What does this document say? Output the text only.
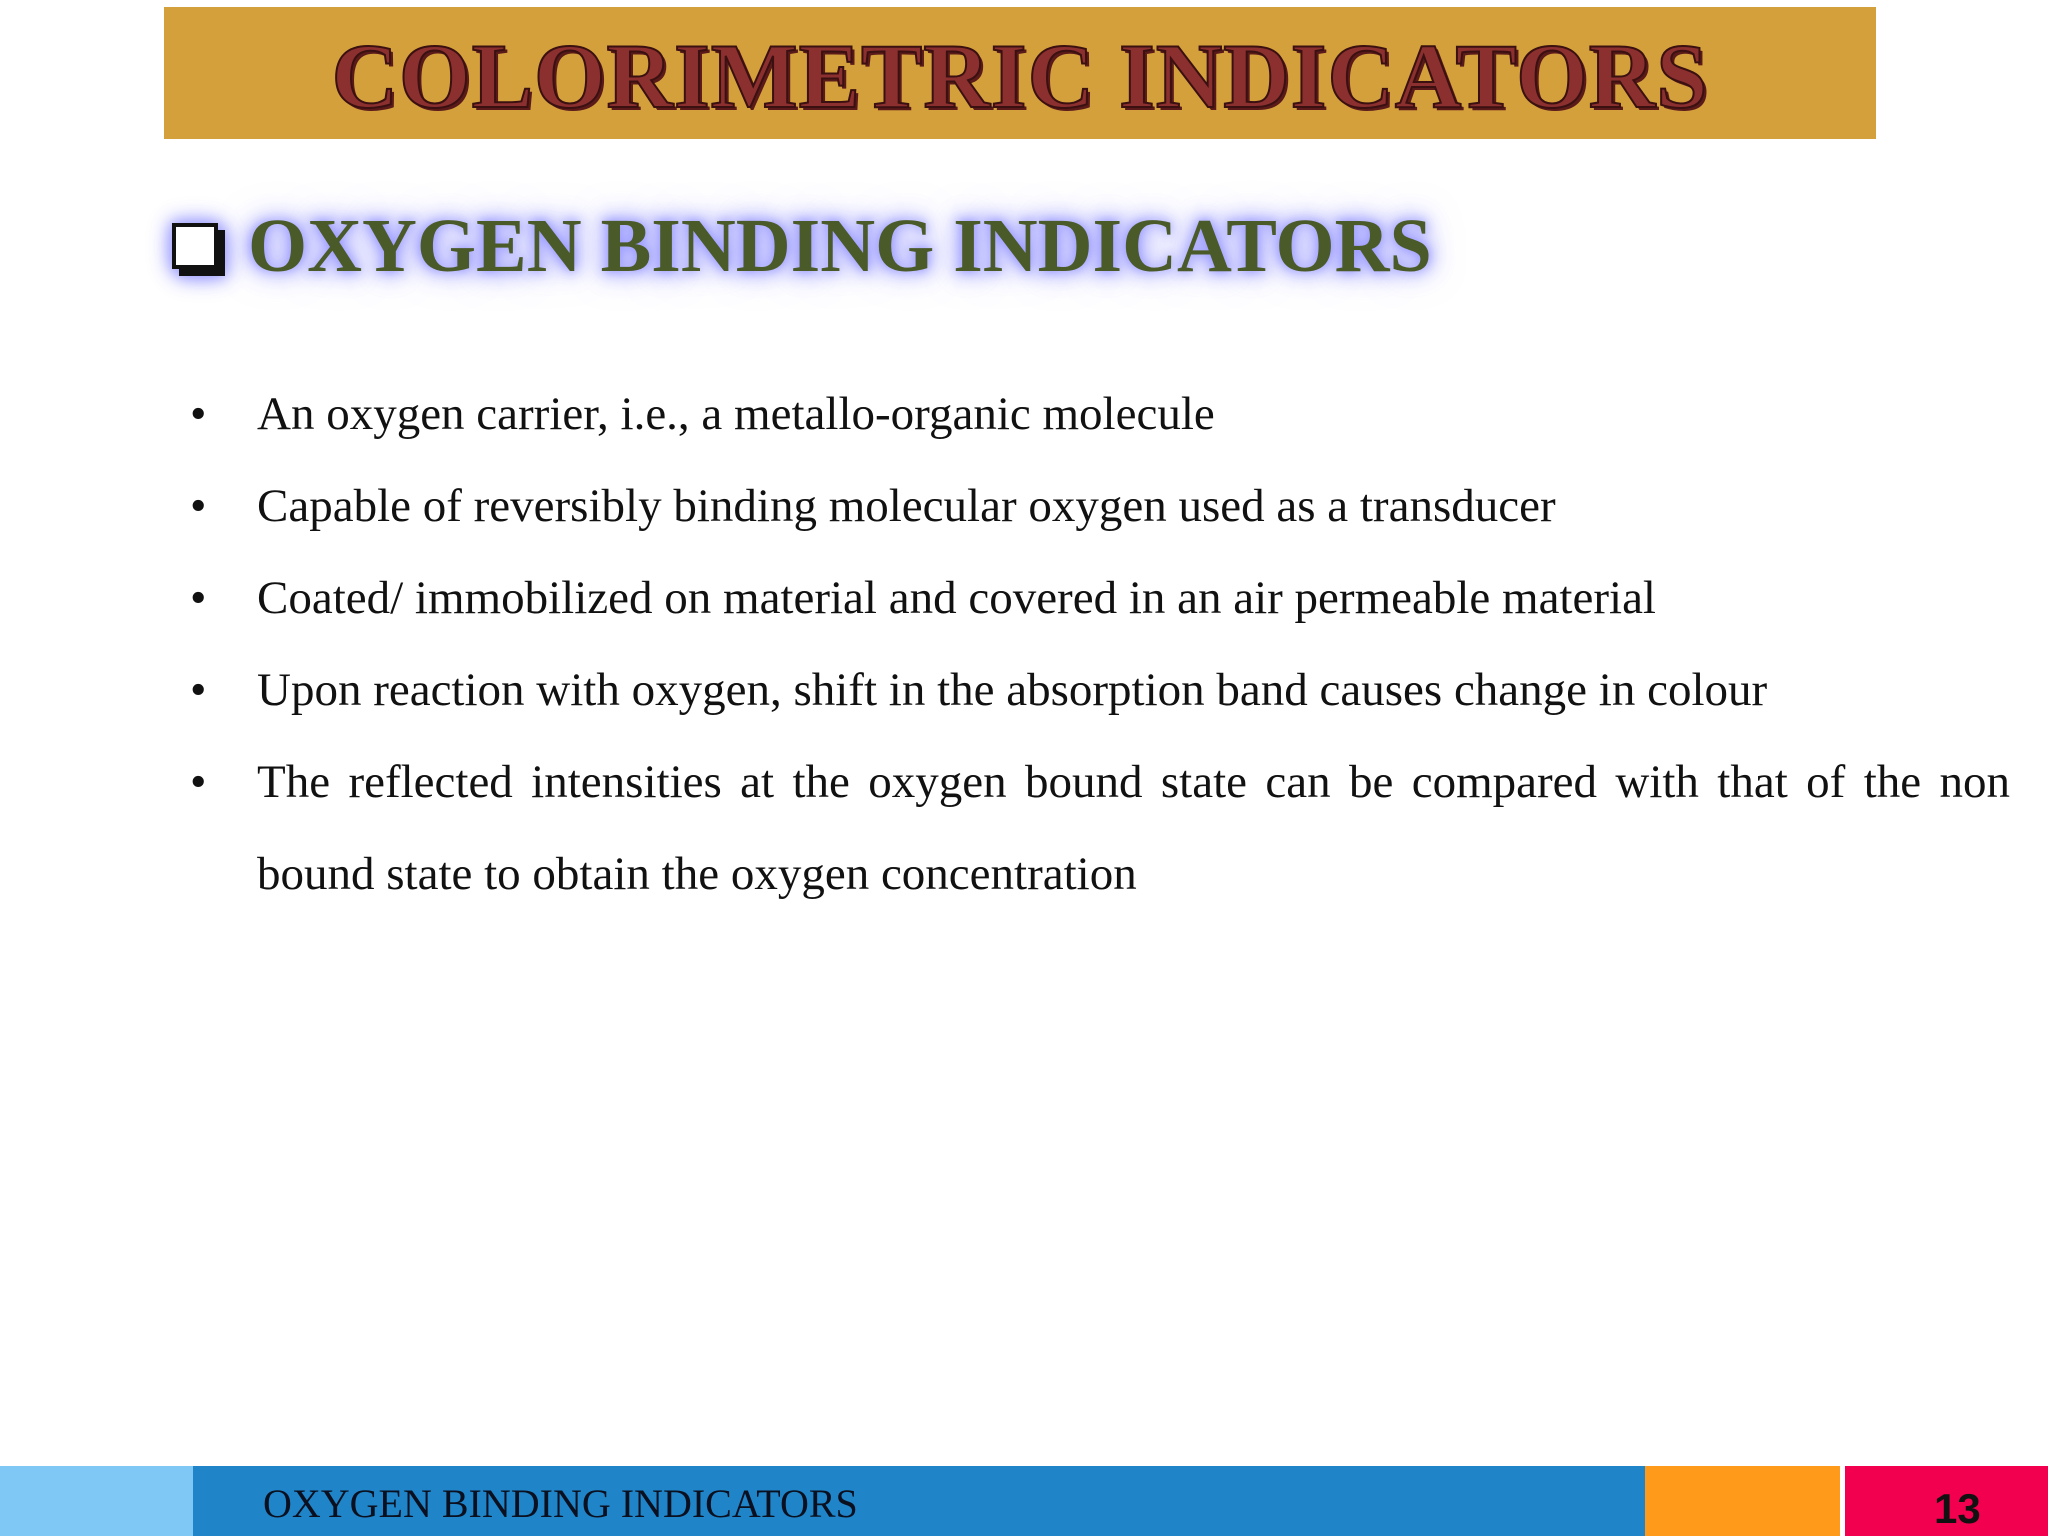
COLORIMETRIC INDICATORS
OXYGEN BINDING INDICATORS
• An oxygen carrier, i.e., a metallo-organic molecule
• Capable of reversibly binding molecular oxygen used as a transducer
• Coated/ immobilized on material and covered in an air permeable material
• Upon reaction with oxygen, shift in the absorption band causes change in colour
• The reflected intensities at the oxygen bound state can be compared with that of the non bound state to obtain the oxygen concentration
OXYGEN BINDING INDICATORS	13
